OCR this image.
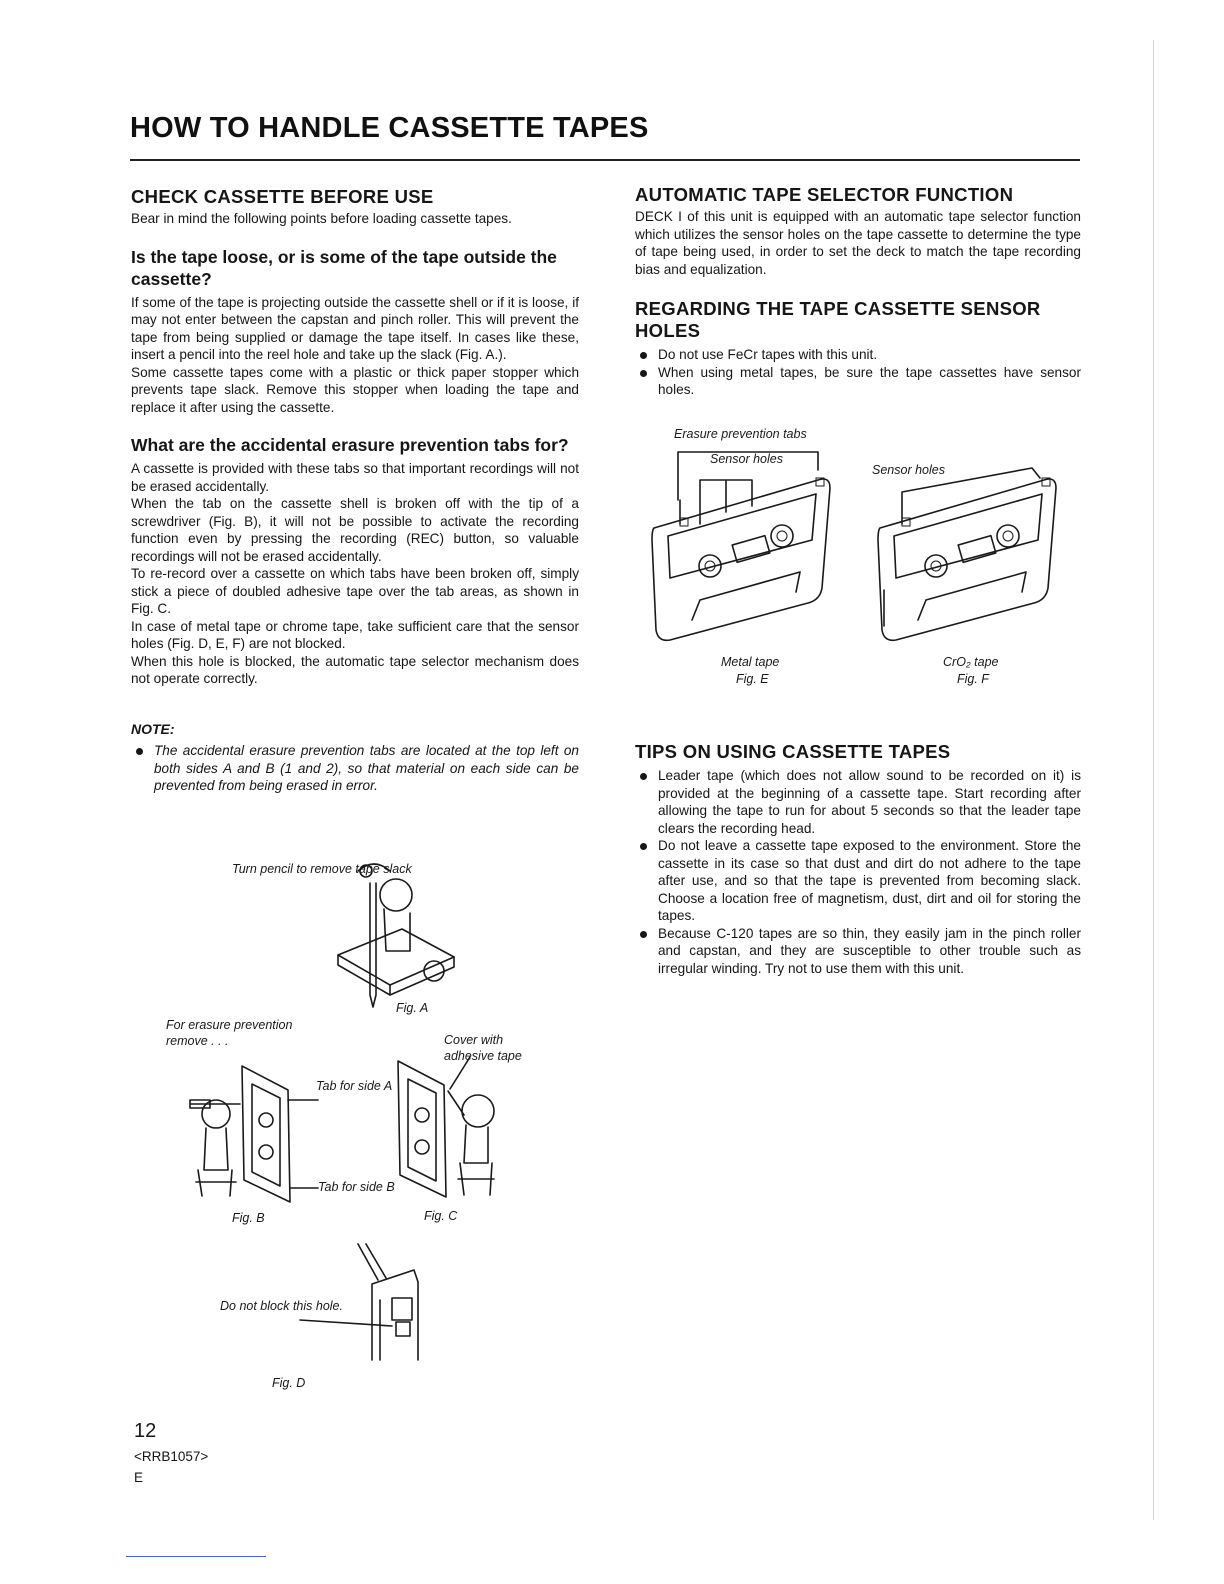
HOW TO HANDLE CASSETTE TAPES
CHECK CASSETTE BEFORE USE

Bear in mind the following points before loading cassette tapes.

Is the tape loose, or is some of the tape outside the cassette?

If some of the tape is projecting outside the cassette shell or if it is loose, if may not enter between the capstan and pinch roller. This will prevent the tape from being supplied or damage the tape itself. In cases like these, insert a pencil into the reel hole and take up the slack (Fig. A.).

Some cassette tapes come with a plastic or thick paper stopper which prevents tape slack. Remove this stopper when loading the tape and replace it after using the cassette.

What are the accidental erasure prevention tabs for?

A cassette is provided with these tabs so that important recordings will not be erased accidentally.

When the tab on the cassette shell is broken off with the tip of a screwdriver (Fig. B), it will not be possible to activate the recording function even by pressing the recording (REC) button, so valuable recordings will not be erased accidentally.

To re-record over a cassette on which tabs have been broken off, simply stick a piece of doubled adhesive tape over the tab areas, as shown in Fig. C.

In case of metal tape or chrome tape, take sufficient care that the sensor holes (Fig. D, E, F) are not blocked.

When this hole is blocked, the automatic tape selector mechanism does not operate correctly.

NOTE:
The accidental erasure prevention tabs are located at the top left on both sides A and B (1 and 2), so that material on each side can be prevented from being erased in error.
AUTOMATIC TAPE SELECTOR FUNCTION

DECK I of this unit is equipped with an automatic tape selector function which utilizes the sensor holes on the tape cassette to determine the type of tape being used, in order to set the deck to match the tape recording bias and equalization.

REGARDING THE TAPE CASSETTE SENSOR HOLES
Do not use FeCr tapes with this unit.
When using metal tapes, be sure the tape cassettes have sensor holes.
TIPS ON USING CASSETTE TAPES
Leader tape (which does not allow sound to be recorded on it) is provided at the beginning of a cassette tape. Start recording after allowing the tape to run for about 5 seconds so that the leader tape clears the recording head.
Do not leave a cassette tape exposed to the environment. Store the cassette in its case so that dust and dirt do not adhere to the tape after use, and so that the tape is prevented from becoming slack. Choose a location free of magnetism, dust, dirt and oil for storing the tapes.
Because C-120 tapes are so thin, they easily jam in the pinch roller and capstan, and they are susceptible to other trouble such as irregular winding. Try not to use them with this unit.
Erasure prevention tabs
Sensor holes
Sensor holes
Metal tape
Fig. E
CrO₂ tape
Fig. F
Turn pencil to remove tape slack
Fig. A
For erasure prevention remove . . .
Tab for side A
Tab for side B
Fig. B
Cover with adhesive tape
Fig. C
Do not block this hole.
Fig. D
12
<RRB1057>
E
